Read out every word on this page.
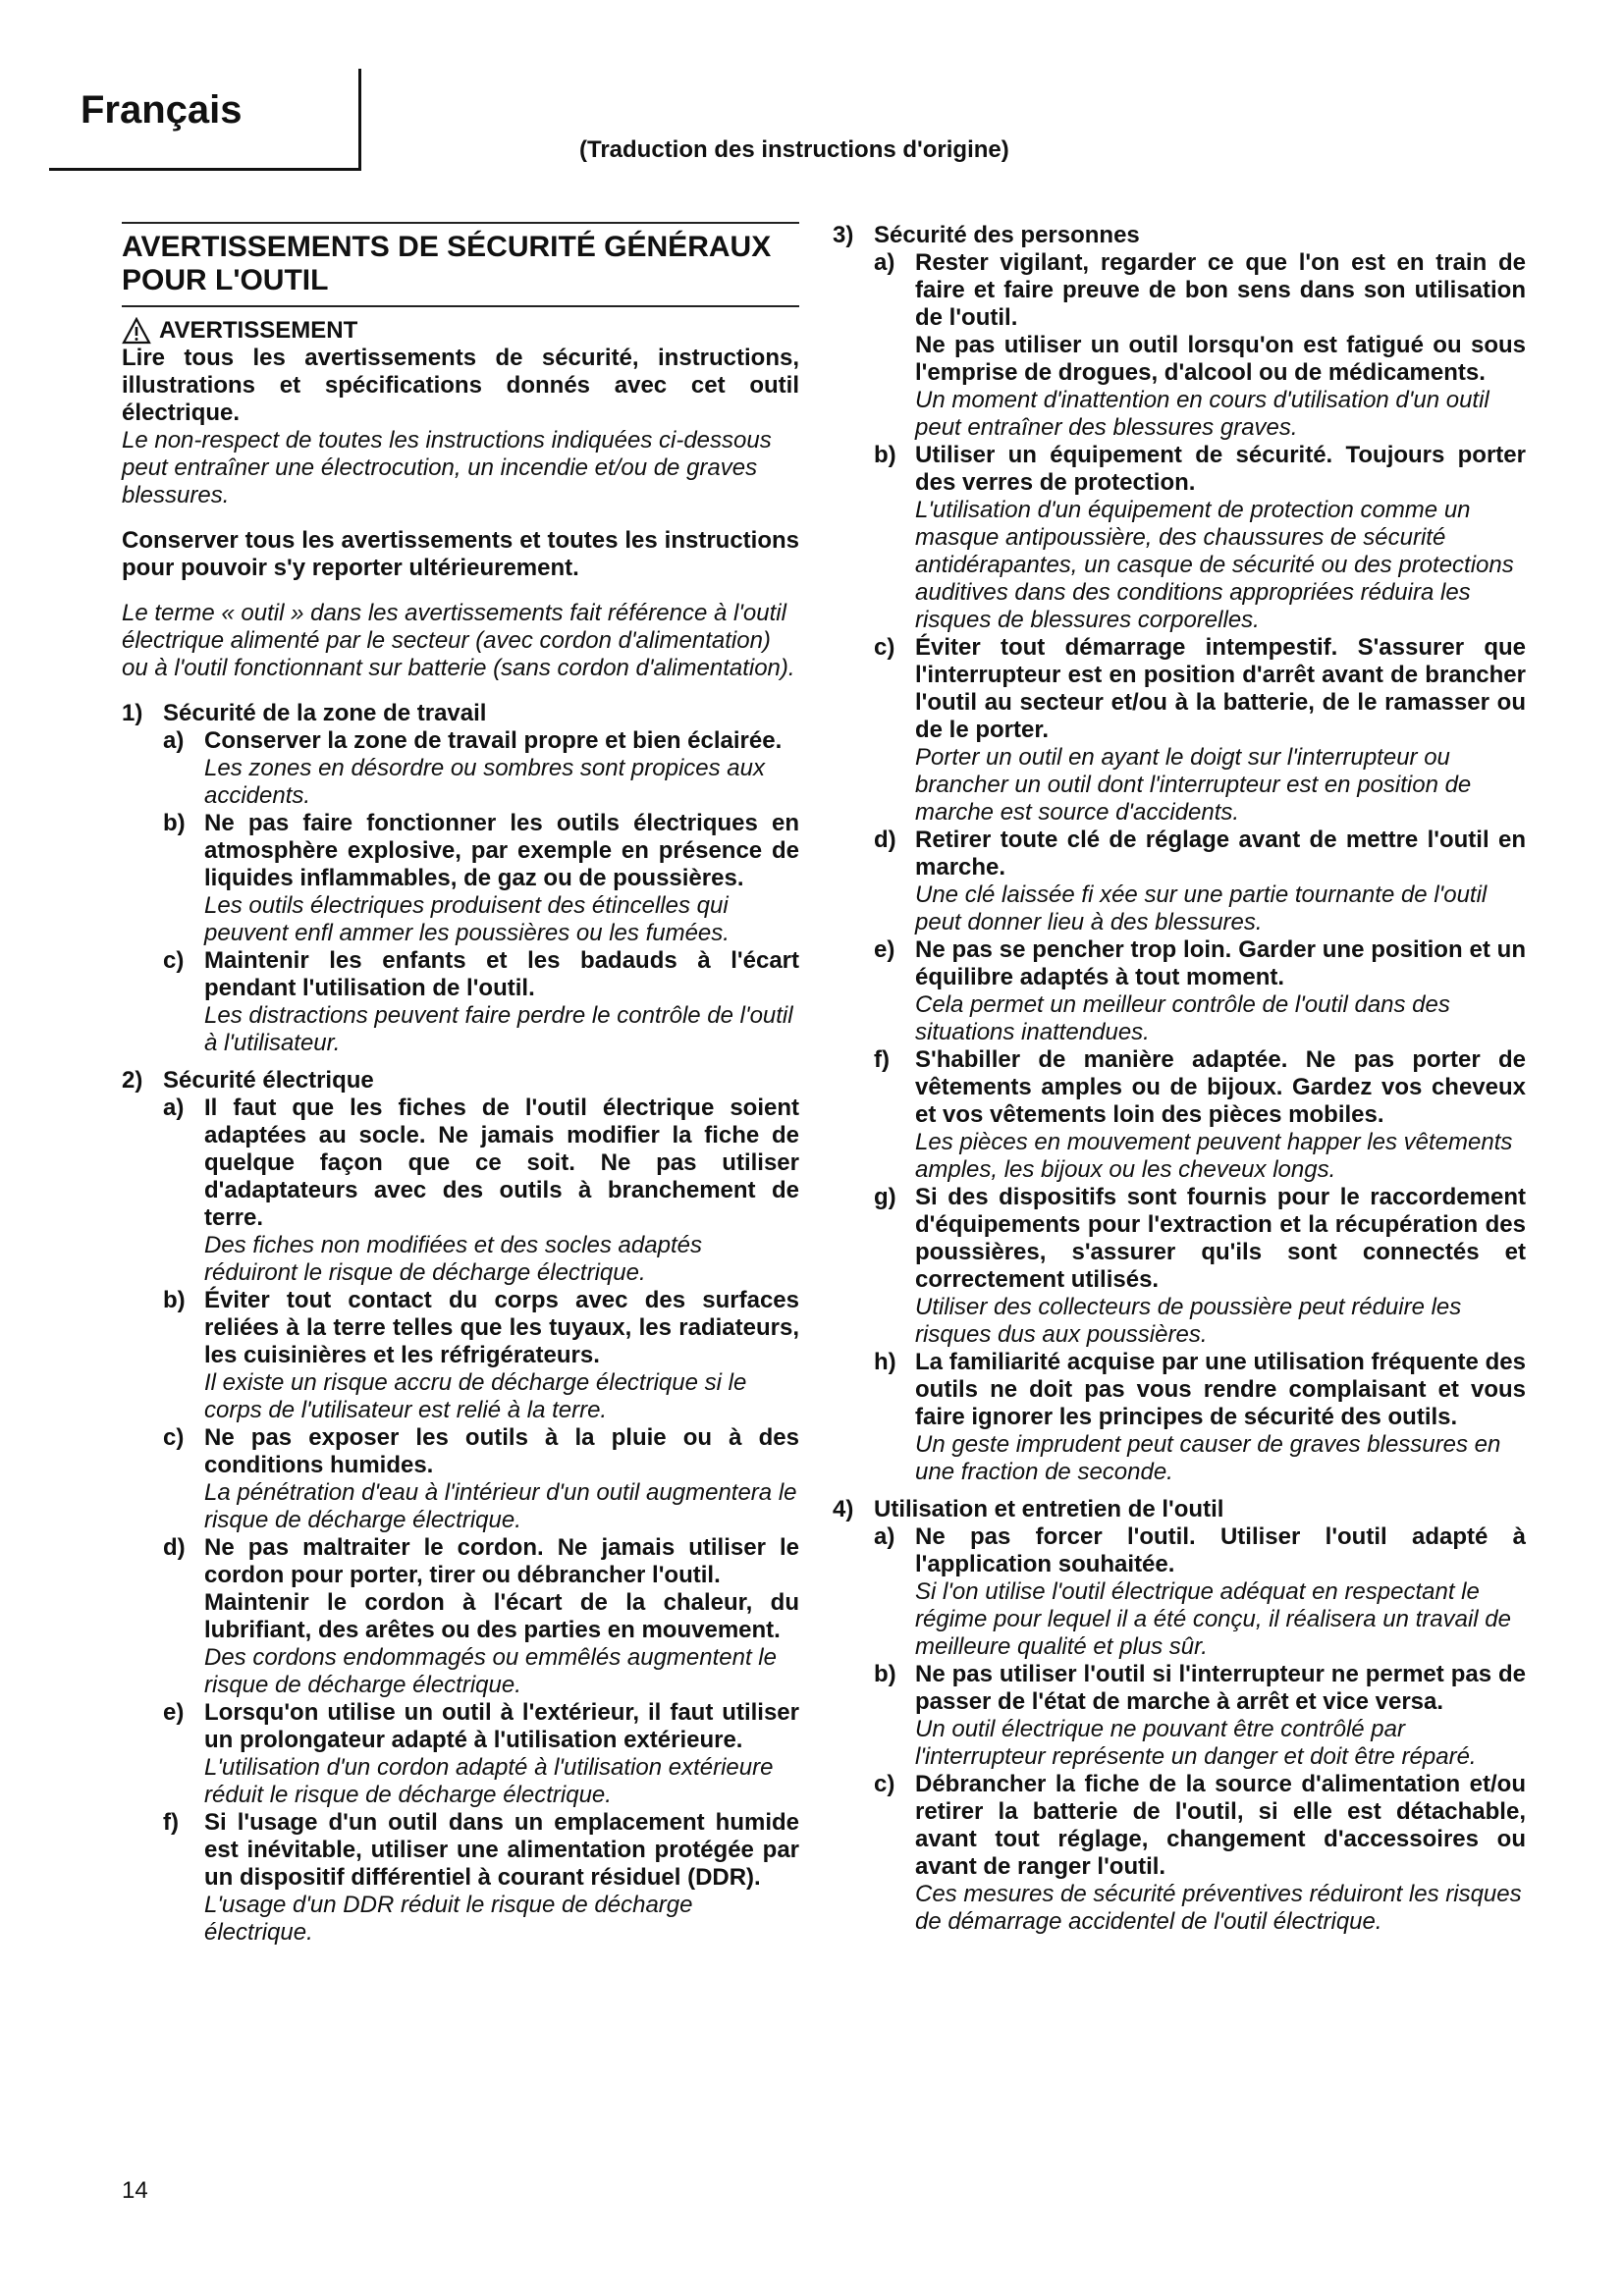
Français
(Traduction des instructions d'origine)
AVERTISSEMENTS DE SÉCURITÉ GÉNÉRAUX POUR L'OUTIL
AVERTISSEMENT

Lire tous les avertissements de sécurité, instructions, illustrations et spécifications donnés avec cet outil électrique.

Le non-respect de toutes les instructions indiquées ci-dessous peut entraîner une électrocution, un incendie et/ou de graves blessures.

Conserver tous les avertissements et toutes les instructions pour pouvoir s'y reporter ultérieurement.

Le terme « outil » dans les avertissements fait référence à l'outil électrique alimenté par le secteur (avec cordon d'alimentation) ou à l'outil fonctionnant sur batterie (sans cordon d'alimentation).

1) Sécurité de la zone de travail

a) Conserver la zone de travail propre et bien éclairée.

Les zones en désordre ou sombres sont propices aux accidents.

b) Ne pas faire fonctionner les outils électriques en atmosphère explosive, par exemple en présence de liquides inflammables, de gaz ou de poussières.

Les outils électriques produisent des étincelles qui peuvent enfl ammer les poussières ou les fumées.

c) Maintenir les enfants et les badauds à l'écart pendant l'utilisation de l'outil.

Les distractions peuvent faire perdre le contrôle de l'outil à l'utilisateur.

2) Sécurité électrique

a) Il faut que les fiches de l'outil électrique soient adaptées au socle. Ne jamais modifier la fiche de quelque façon que ce soit. Ne pas utiliser d'adaptateurs avec des outils à branchement de terre.

Des fiches non modifiées et des socles adaptés réduiront le risque de décharge électrique.

b) Éviter tout contact du corps avec des surfaces reliées à la terre telles que les tuyaux, les radiateurs, les cuisinières et les réfrigérateurs.

Il existe un risque accru de décharge électrique si le corps de l'utilisateur est relié à la terre.

c) Ne pas exposer les outils à la pluie ou à des conditions humides.

La pénétration d'eau à l'intérieur d'un outil augmentera le risque de décharge électrique.

d) Ne pas maltraiter le cordon. Ne jamais utiliser le cordon pour porter, tirer ou débrancher l'outil.

Maintenir le cordon à l'écart de la chaleur, du lubrifiant, des arêtes ou des parties en mouvement.

Des cordons endommagés ou emmêlés augmentent le risque de décharge électrique.

e) Lorsqu'on utilise un outil à l'extérieur, il faut utiliser un prolongateur adapté à l'utilisation extérieure.

L'utilisation d'un cordon adapté à l'utilisation extérieure réduit le risque de décharge électrique.

f)	Si l'usage d'un outil dans un emplacement humide est inévitable, utiliser une alimentation protégée par un dispositif différentiel à courant résiduel (DDR).

L'usage d'un DDR réduit le risque de décharge électrique.

3) Sécurité des personnes

a) Rester vigilant, regarder ce que l'on est en train de faire et faire preuve de bon sens dans son utilisation de l'outil.

Ne pas utiliser un outil lorsqu'on est fatigué ou sous l'emprise de drogues, d'alcool ou de médicaments.

Un moment d'inattention en cours d'utilisation d'un outil peut entraîner des blessures graves.

b) Utiliser un équipement de sécurité. Toujours porter des verres de protection.

L'utilisation d'un équipement de protection comme un masque antipoussière, des chaussures de sécurité antidérapantes, un casque de sécurité ou des protections auditives dans des conditions appropriées réduira les risques de blessures corporelles.

c) Éviter tout démarrage intempestif. S'assurer que l'interrupteur est en position d'arrêt avant de brancher l'outil au secteur et/ou à la batterie, de le ramasser ou de le porter.

Porter un outil en ayant le doigt sur l'interrupteur ou brancher un outil dont l'interrupteur est en position de marche est source d'accidents.

d) Retirer toute clé de réglage avant de mettre l'outil en marche.

Une clé laissée fi xée sur une partie tournante de l'outil peut donner lieu à des blessures.

e) Ne pas se pencher trop loin. Garder une position et un équilibre adaptés à tout moment.

Cela permet un meilleur contrôle de l'outil dans des situations inattendues.

f)	S'habiller de manière adaptée. Ne pas porter de vêtements amples ou de bijoux. Gardez vos cheveux et vos vêtements loin des pièces mobiles.

Les pièces en mouvement peuvent happer les vêtements amples, les bijoux ou les cheveux longs.

g) Si des dispositifs sont fournis pour le raccordement d'équipements pour l'extraction et la récupération des poussières, s'assurer qu'ils sont connectés et correctement utilisés.

Utiliser des collecteurs de poussière peut réduire les risques dus aux poussières.

h) La familiarité acquise par une utilisation fréquente des outils ne doit pas vous rendre complaisant et vous faire ignorer les principes de sécurité des outils.

Un geste imprudent peut causer de graves blessures en une fraction de seconde.

4) Utilisation et entretien de l'outil

a) Ne pas forcer l'outil. Utiliser l'outil adapté à l'application souhaitée.

Si l'on utilise l'outil électrique adéquat en respectant le régime pour lequel il a été conçu, il réalisera un travail de meilleure qualité et plus sûr.

b) Ne pas utiliser l'outil si l'interrupteur ne permet pas de passer de l'état de marche à arrêt et vice versa.

Un outil électrique ne pouvant être contrôlé par l'interrupteur représente un danger et doit être réparé.

c) Débrancher la fiche de la source d'alimentation et/ou retirer la batterie de l'outil, si elle est détachable, avant tout réglage, changement d'accessoires ou avant de ranger l'outil.

Ces mesures de sécurité préventives réduiront les risques de démarrage accidentel de l'outil électrique.

14
